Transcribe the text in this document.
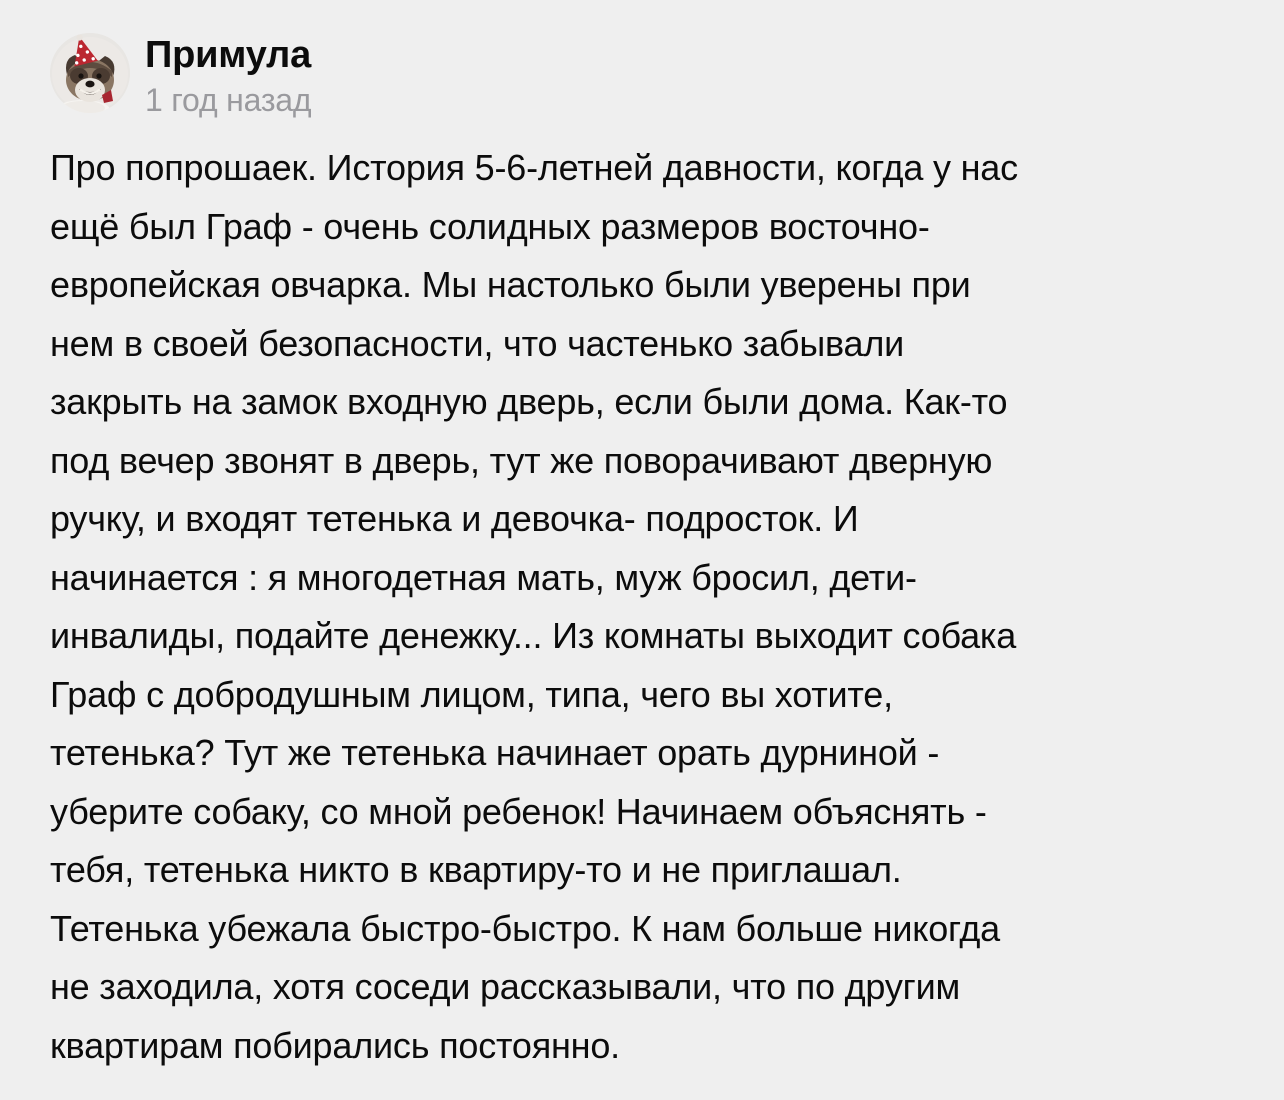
Примула
1 год назад
Про попрошаек. История 5-6-летней давности, когда у нас
ещё был Граф - очень солидных размеров восточно-
европейская овчарка. Мы настолько были уверены при
нем в своей безопасности, что частенько забывали
закрыть на замок входную дверь, если были дома. Как-то
под вечер звонят в дверь, тут же поворачивают дверную
ручку, и входят тетенька и девочка- подросток. И
начинается : я многодетная мать, муж бросил, дети-
инвалиды, подайте денежку... Из комнаты выходит собака
Граф с добродушным лицом, типа, чего вы хотите,
тетенька? Тут же тетенька начинает орать дурниной -
уберите собаку, со мной ребенок! Начинаем объяснять -
тебя, тетенька никто в квартиру-то и не приглашал.
Тетенька убежала быстро-быстро. К нам больше никогда
не заходила, хотя соседи рассказывали, что по другим
квартирам побирались постоянно.
